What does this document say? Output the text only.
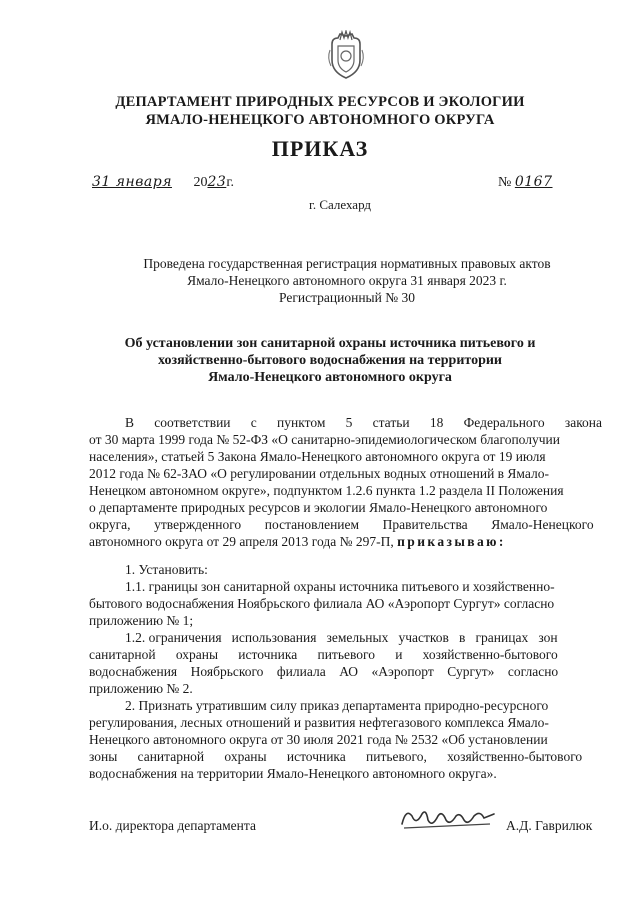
ДЕПАРТАМЕНТ ПРИРОДНЫХ РЕСУРСОВ И ЭКОЛОГИИ
ЯМАЛО-НЕНЕЦКОГО АВТОНОМНОГО ОКРУГА
ПРИКАЗ
31 января 2023г.	№ 0167
г. Салехард
Проведена государственная регистрация нормативных правовых актов
Ямало-Ненецкого автономного округа 31 января 2023 г.
Регистрационный № 30
Об установлении зон санитарной охраны источника питьевого и
хозяйственно-бытового водоснабжения на территории
Ямало-Ненецкого автономного округа
В      соответствии      с      пунктом      5      статьи      18      Федерального      закона
от 30 марта 1999 года № 52-ФЗ «О санитарно-эпидемиологическом благополучии
населения», статьей 5 Закона Ямало-Ненецкого автономного округа от 19 июля
2012 года № 62-ЗАО «О регулировании отдельных водных отношений в Ямало-
Ненецком автономном округе», подпунктом 1.2.6 пункта 1.2 раздела II Положения
о департаменте природных ресурсов и экологии Ямало-Ненецкого автономного
округа,       утвержденного       постановлением       Правительства       Ямало-Ненецкого
автономного округа от 29 апреля 2013 года № 297-П, приказываю:
1. Установить:
1.1. границы зон санитарной охраны источника питьевого и хозяйственно-
бытового водоснабжения Ноябрьского филиала АО «Аэропорт Сургут» согласно
приложению № 1;
1.2. ограничения   использования   земельных   участков   в   границах   зон
санитарной      охраны      источника      питьевого      и      хозяйственно-бытового
водоснабжения    Ноябрьского    филиала    АО    «Аэропорт    Сургут»    согласно
приложению № 2.
2. Признать утратившим силу приказ департамента природно-ресурсного
регулирования, лесных отношений и развития нефтегазового комплекса Ямало-
Ненецкого автономного округа от 30 июля 2021 года № 2532 «Об установлении
зоны      санитарной      охраны      источника      питьевого,      хозяйственно-бытового
водоснабжения на территории Ямало-Ненецкого автономного округа».
И.о. директора департамента	А.Д. Гаврилюк
